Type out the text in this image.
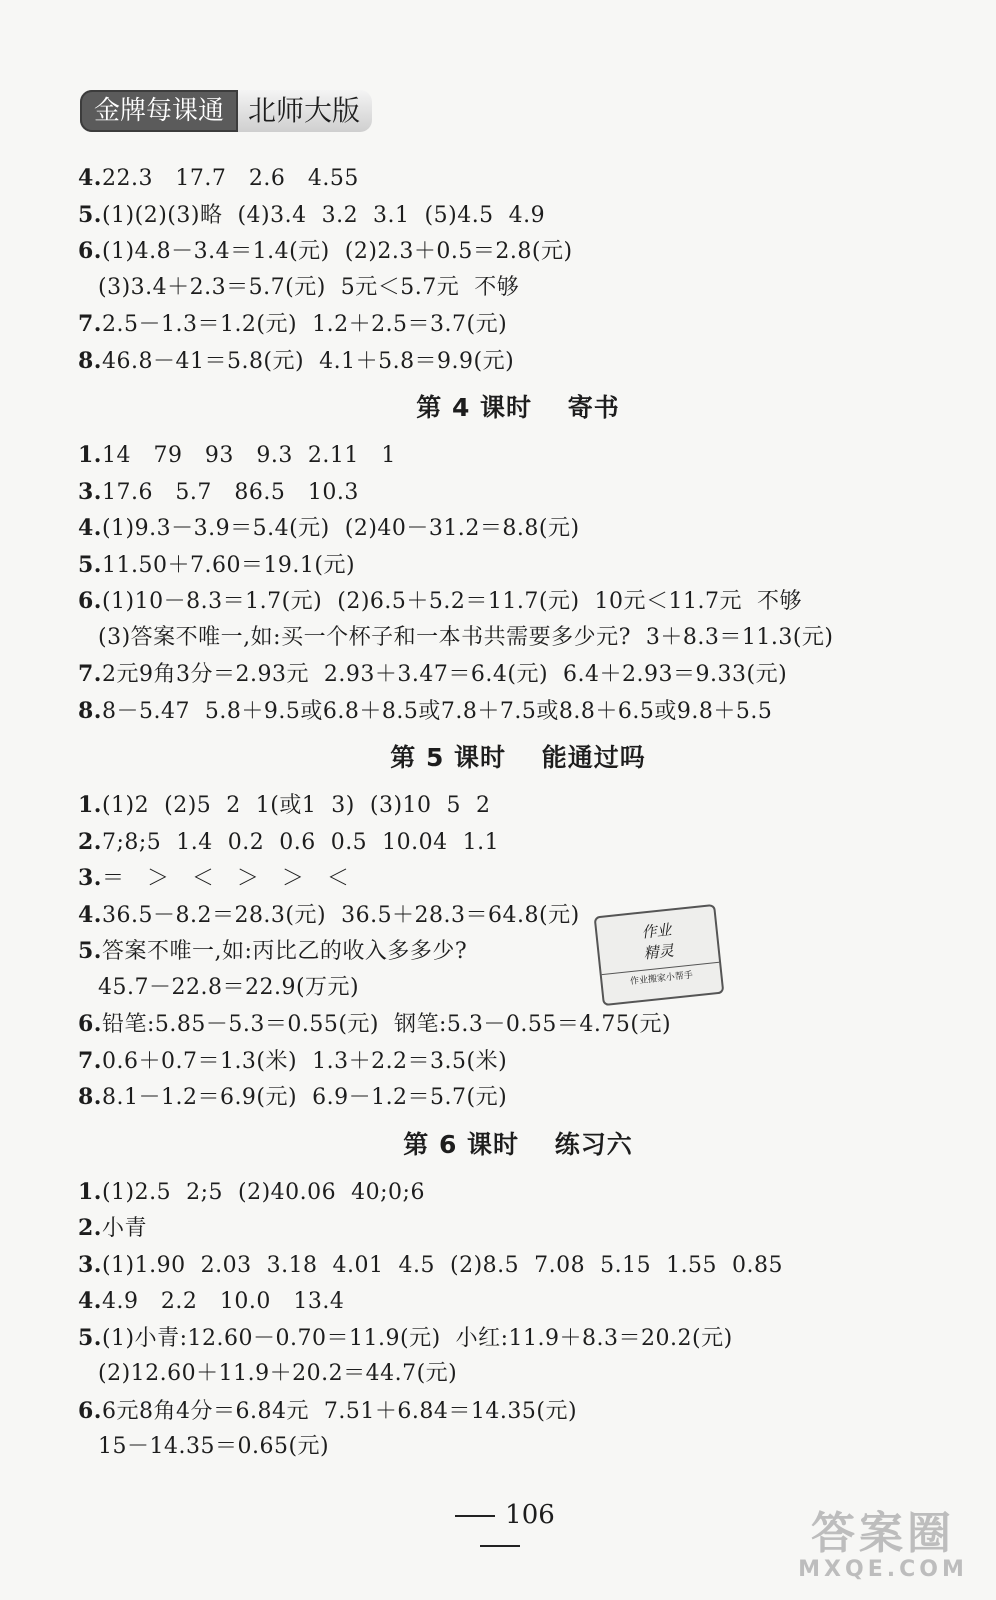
金牌每课通 北师大版
4.22.3   17.7   2.6   4.55
5.(1)(2)(3)略  (4)3.4  3.2  3.1  (5)4.5  4.9
6.(1)4.8－3.4＝1.4(元)  (2)2.3＋0.5＝2.8(元)
(3)3.4＋2.3＝5.7(元)  5元＜5.7元  不够
7.2.5－1.3＝1.2(元)  1.2＋2.5＝3.7(元)
8.46.8－41＝5.8(元)  4.1＋5.8＝9.9(元)
第 4 课时　 寄书
1.14   79   93   9.3  2.11   1
3.17.6   5.7   86.5   10.3
4.(1)9.3－3.9＝5.4(元)  (2)40－31.2＝8.8(元)
5.11.50＋7.60＝19.1(元)
6.(1)10－8.3＝1.7(元)  (2)6.5＋5.2＝11.7(元)  10元＜11.7元  不够
(3)答案不唯一,如:买一个杯子和一本书共需要多少元?  3＋8.3＝11.3(元)
7.2元9角3分＝2.93元  2.93＋3.47＝6.4(元)  6.4＋2.93＝9.33(元)
8.8－5.47  5.8＋9.5或6.8＋8.5或7.8＋7.5或8.8＋6.5或9.8＋5.5
第 5 课时　 能通过吗
1.(1)2  (2)5  2  1(或1  3)  (3)10  5  2
2.7;8;5  1.4  0.2  0.6  0.5  10.04  1.1
3.＝   ＞   ＜   ＞   ＞   ＜
4.36.5－8.2＝28.3(元)  36.5＋28.3＝64.8(元)
5.答案不唯一,如:丙比乙的收入多多少?
45.7－22.8＝22.9(万元)
6.铅笔:5.85－5.3＝0.55(元)  钢笔:5.3－0.55＝4.75(元)
7.0.6＋0.7＝1.3(米)  1.3＋2.2＝3.5(米)
8.8.1－1.2＝6.9(元)  6.9－1.2＝5.7(元)
第 6 课时　 练习六
1.(1)2.5  2;5  (2)40.06  40;0;6
2.小青
3.(1)1.90  2.03  3.18  4.01  4.5  (2)8.5  7.08  5.15  1.55  0.85
4.4.9   2.2   10.0   13.4
5.(1)小青:12.60－0.70＝11.9(元)  小红:11.9＋8.3＝20.2(元)
(2)12.60＋11.9＋20.2＝44.7(元)
6.6元8角4分＝6.84元  7.51＋6.84＝14.35(元)
15－14.35＝0.65(元)
作业
精灵
作业搬家小帮手
106	答案圈
MXQE.COM
